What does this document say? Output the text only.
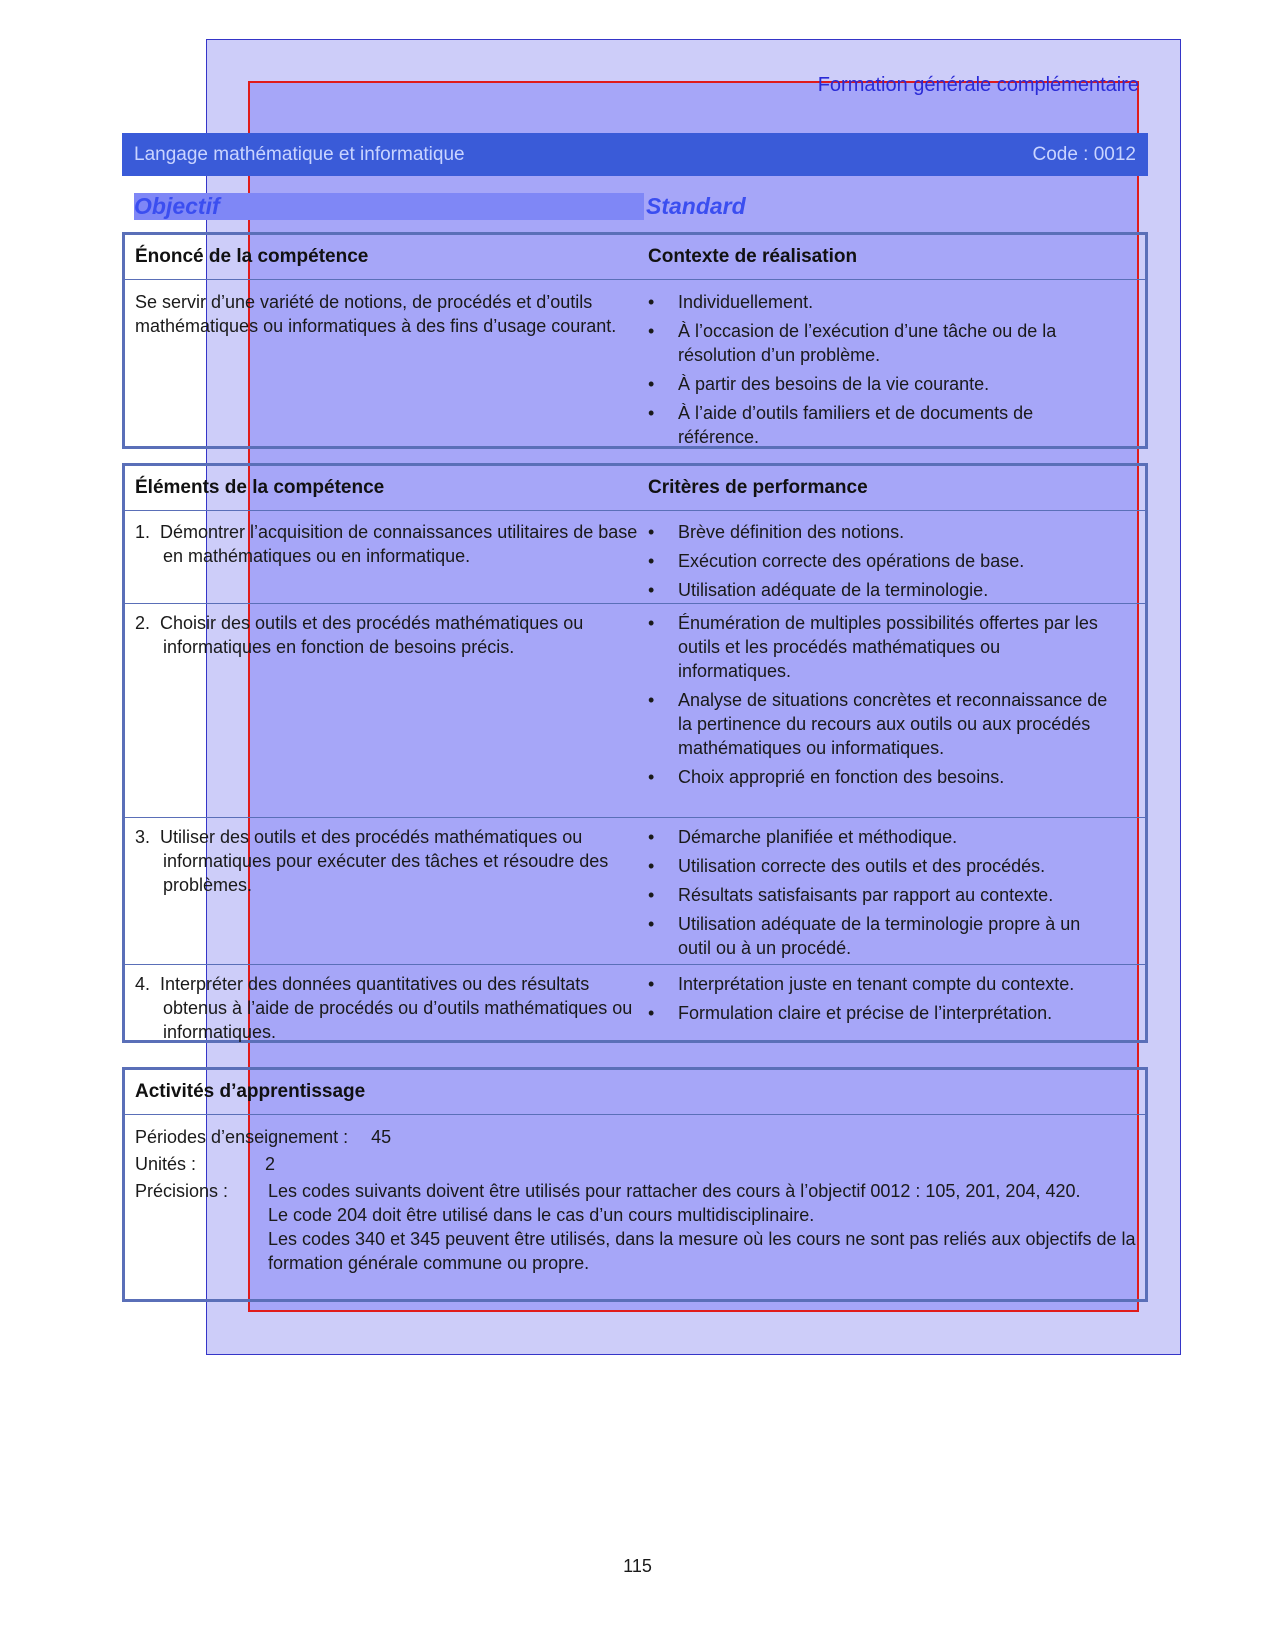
Formation générale complémentaire
Langage mathématique et informatique	Code : 0012
Objectif	Standard
Énoncé de la compétence	Contexte de réalisation
Se servir d’une variété de notions, de procédés et d’outils mathématiques ou informatiques à des fins d’usage courant.
• Individuellement.
• À l’occasion de l’exécution d’une tâche ou de la résolution d’un problème.
• À partir des besoins de la vie courante.
• À l’aide d’outils familiers et de documents de référence.
Éléments de la compétence	Critères de performance
1.  Démontrer l’acquisition de connaissances utilitaires de base en mathématiques ou en informatique.
• Brève définition des notions.
• Exécution correcte des opérations de base.
• Utilisation adéquate de la terminologie.
2.  Choisir des outils et des procédés mathématiques ou informatiques en fonction de besoins précis.
• Énumération de multiples possibilités offertes par les outils et les procédés mathématiques ou informatiques.
• Analyse de situations concrètes et reconnaissance de la pertinence du recours aux outils ou aux procédés mathématiques ou informatiques.
• Choix approprié en fonction des besoins.
3.  Utiliser des outils et des procédés mathématiques ou informatiques pour exécuter des tâches et résoudre des problèmes.
• Démarche planifiée et méthodique.
• Utilisation correcte des outils et des procédés.
• Résultats satisfaisants par rapport au contexte.
• Utilisation adéquate de la terminologie propre à un outil ou à un procédé.
4.  Interpréter des données quantitatives ou des résultats obtenus à l’aide de procédés ou d’outils mathématiques ou informatiques.
• Interprétation juste en tenant compte du contexte.
• Formulation claire et précise de l’interprétation.
Activités d’apprentissage
Périodes d’enseignement : 45
Unités :	2
Précisions : Les codes suivants doivent être utilisés pour rattacher des cours à l’objectif 0012 : 105, 201, 204, 420.
Le code 204 doit être utilisé dans le cas d’un cours multidisciplinaire.
Les codes 340 et 345 peuvent être utilisés, dans la mesure où les cours ne sont pas reliés aux objectifs de la formation générale commune ou propre.
115
